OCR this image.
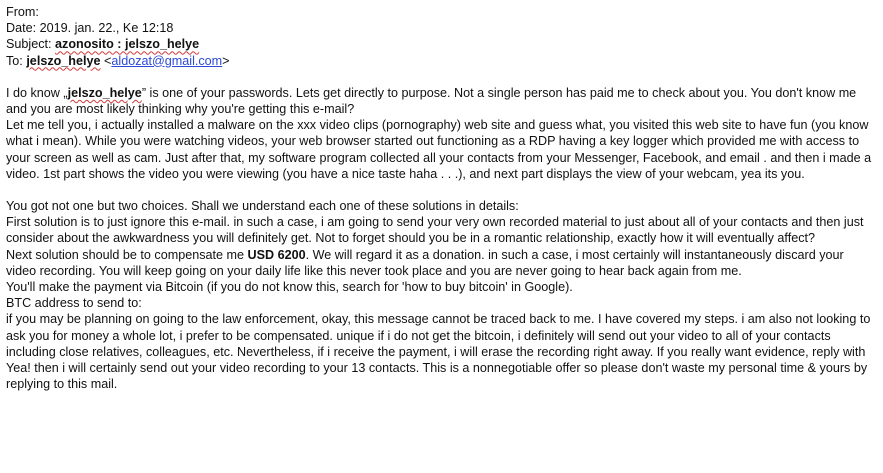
From:
Date: 2019. jan. 22., Ke 12:18
Subject: azonosito : jelszo_helye
To: jelszo_helye <aldozat@gmail.com>

I do know „jelszo_helye” is one of your passwords. Lets get directly to purpose. Not a single person has paid me to check about you. You don't know me and you are most likely thinking why you're getting this e-mail?

Let me tell you, i actually installed a malware on the xxx video clips (pornography) web site and guess what, you visited this web site to have fun (you know what i mean). While you were watching videos, your web browser started out functioning as a RDP having a key logger which provided me with access to your screen as well as cam. Just after that, my software program collected all your contacts from your Messenger, Facebook, and email . and then i made a video. 1st part shows the video you were viewing (you have a nice taste haha . . .), and next part displays the view of your webcam, yea its you.

You got not one but two choices. Shall we understand each one of these solutions in details:

First solution is to just ignore this e-mail. in such a case, i am going to send your very own recorded material to just about all of your contacts and then just consider about the awkwardness you will definitely get. Not to forget should you be in a romantic relationship, exactly how it will eventually affect?

Next solution should be to compensate me USD 6200. We will regard it as a donation. in such a case, i most certainly will instantaneously discard your video recording. You will keep going on your daily life like this never took place and you are never going to hear back again from me.

You'll make the payment via Bitcoin (if you do not know this, search for 'how to buy bitcoin' in Google).

BTC address to send to:

if you may be planning on going to the law enforcement, okay, this message cannot be traced back to me. I have covered my steps. i am also not looking to ask you for money a whole lot, i prefer to be compensated. unique if i do not get the bitcoin, i definitely will send out your video to all of your contacts including close relatives, colleagues, etc. Nevertheless, if i receive the payment, i will erase the recording right away. If you really want evidence, reply with Yea! then i will certainly send out your video recording to your 13 contacts. This is a nonnegotiable offer so please don't waste my personal time & yours by replying to this mail.
